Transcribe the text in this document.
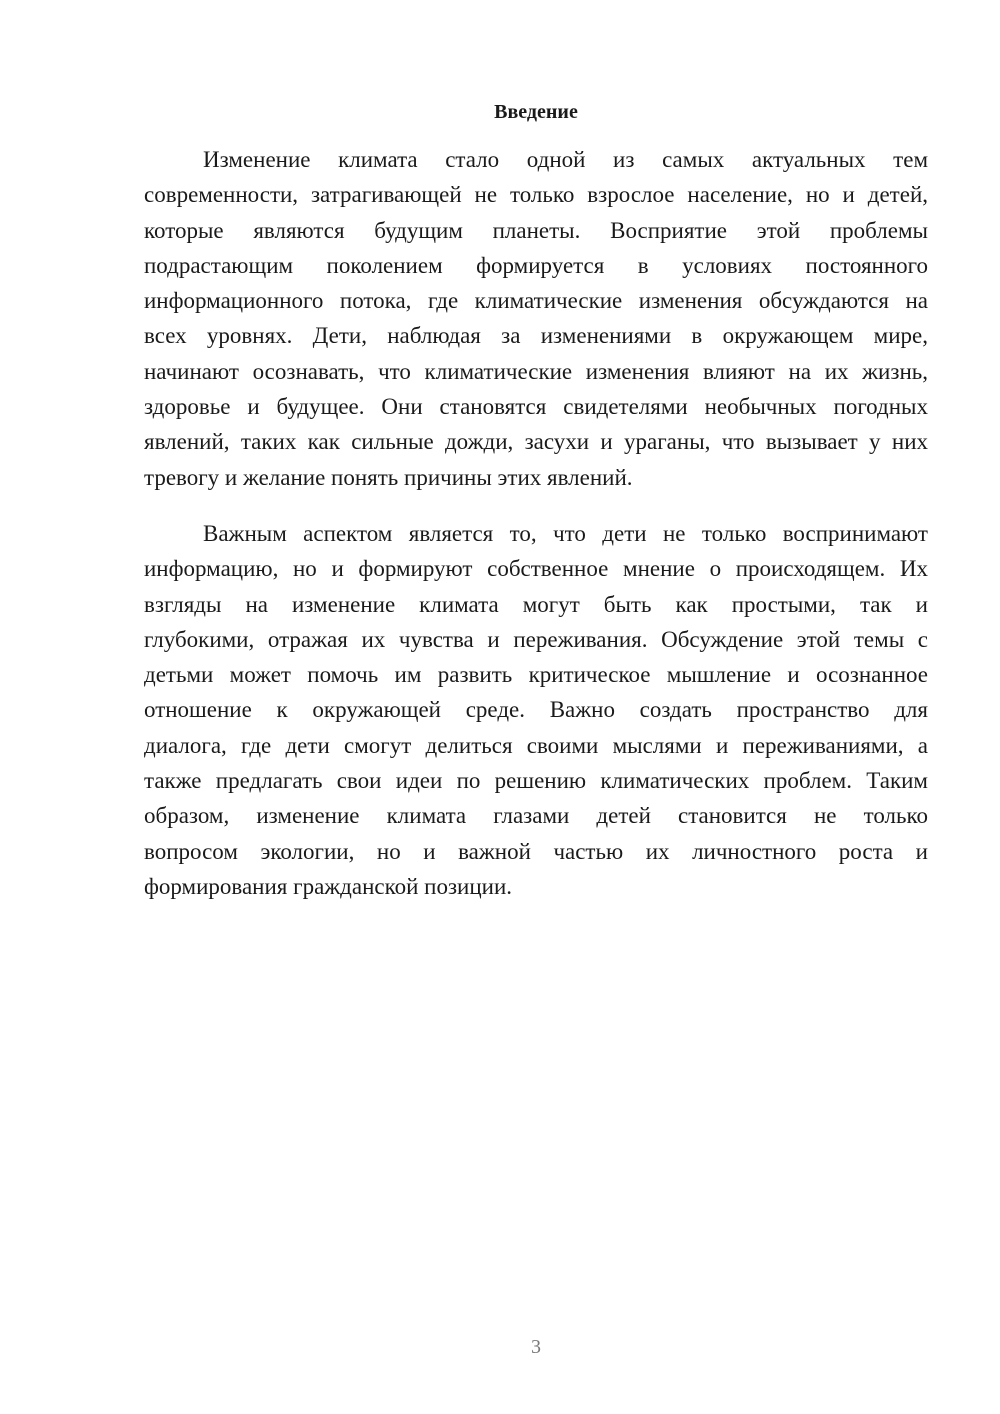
Введение
Изменение климата стало одной из самых актуальных тем
современности, затрагивающей не только взрослое население, но и детей,
которые являются будущим планеты. Восприятие этой проблемы
подрастающим поколением формируется в условиях постоянного
информационного потока, где климатические изменения обсуждаются на
всех уровнях. Дети, наблюдая за изменениями в окружающем мире,
начинают осознавать, что климатические изменения влияют на их жизнь,
здоровье и будущее. Они становятся свидетелями необычных погодных
явлений, таких как сильные дожди, засухи и ураганы, что вызывает у них
тревогу и желание понять причины этих явлений.
Важным аспектом является то, что дети не только воспринимают
информацию, но и формируют собственное мнение о происходящем. Их
взгляды на изменение климата могут быть как простыми, так и
глубокими, отражая их чувства и переживания. Обсуждение этой темы с
детьми может помочь им развить критическое мышление и осознанное
отношение к окружающей среде. Важно создать пространство для
диалога, где дети смогут делиться своими мыслями и переживаниями, а
также предлагать свои идеи по решению климатических проблем. Таким
образом, изменение климата глазами детей становится не только
вопросом экологии, но и важной частью их личностного роста и
формирования гражданской позиции.
3
